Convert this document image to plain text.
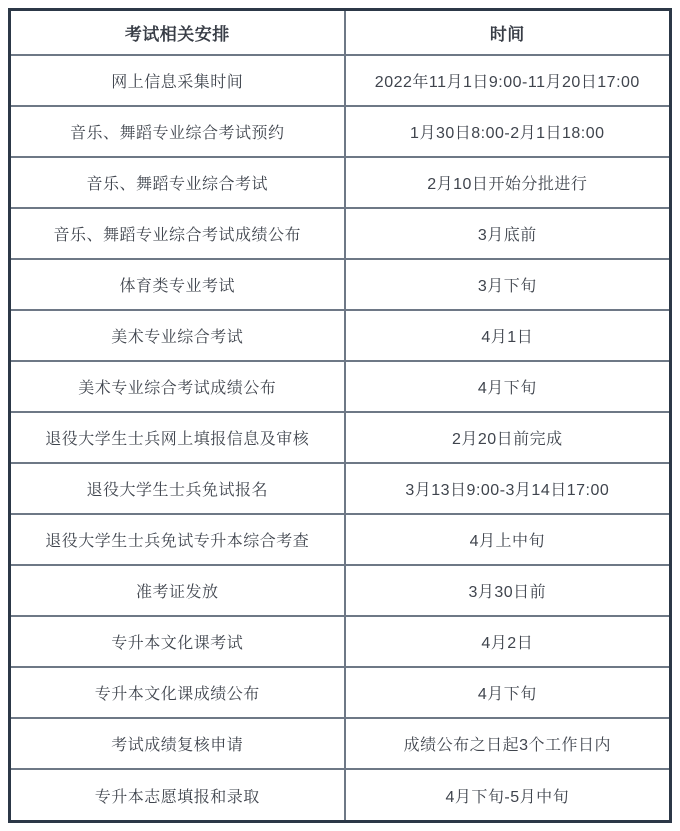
考试相关安排	时间
网上信息采集时间	2022年11月1日9:00-11月20日17:00
音乐、舞蹈专业综合考试预约	1月30日8:00-2月1日18:00
音乐、舞蹈专业综合考试	2月10日开始分批进行
音乐、舞蹈专业综合考试成绩公布	3月底前
体育类专业考试	3月下旬
美术专业综合考试	4月1日
美术专业综合考试成绩公布	4月下旬
退役大学生士兵网上填报信息及审核	2月20日前完成
退役大学生士兵免试报名	3月13日9:00-3月14日17:00
退役大学生士兵免试专升本综合考查	4月上中旬
准考证发放	3月30日前
专升本文化课考试	4月2日
专升本文化课成绩公布	4月下旬
考试成绩复核申请	成绩公布之日起3个工作日内
专升本志愿填报和录取	4月下旬-5月中旬
